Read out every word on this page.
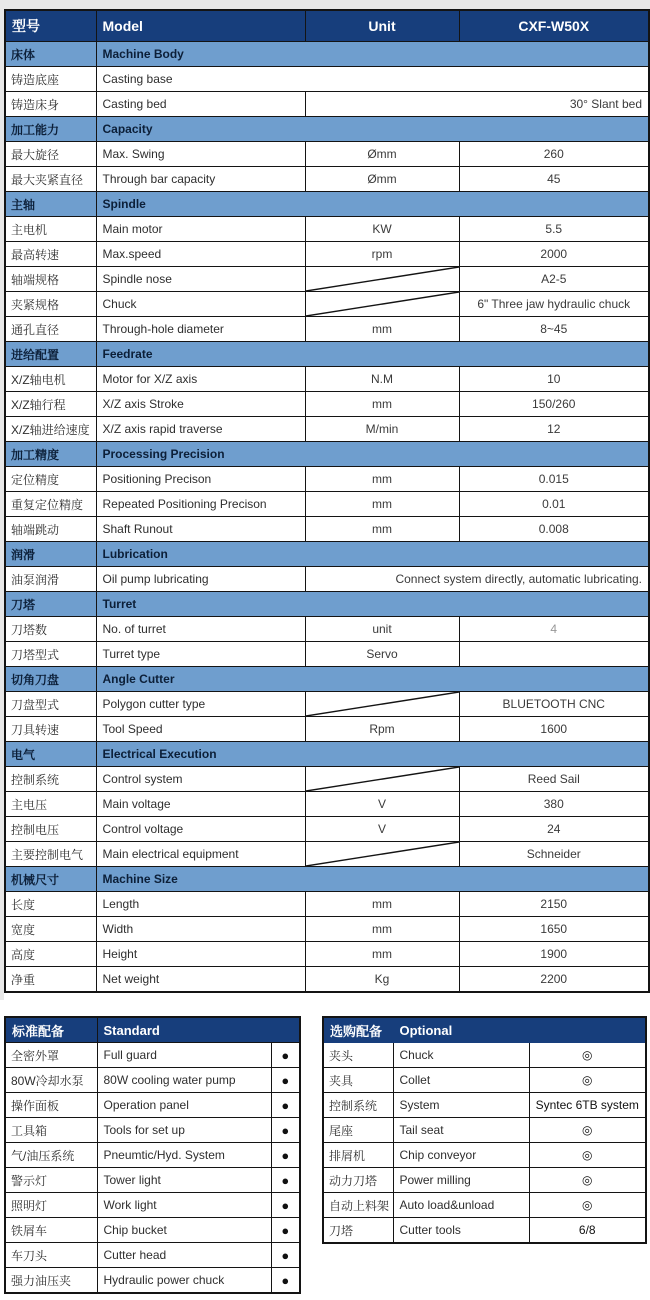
型号	Model	Unit	CXF-W50X
床体	Machine Body		
铸造底座	Casting base		
铸造床身	Casting bed	30° Slant bed	
加工能力	Capacity		
最大旋径	Max. Swing	Ømm	260
最大夹紧直径	Through bar capacity	Ømm	45
主轴	Spindle		
主电机	Main motor	KW	5.5
最高转速	Max.speed	rpm	2000
轴端规格	Spindle nose		A2-5
夹紧规格	Chuck		6" Three jaw hydraulic chuck
通孔直径	Through-hole diameter	mm	8~45
进给配置	Feedrate		
X/Z轴电机	Motor for X/Z axis	N.M	10
X/Z轴行程	X/Z axis Stroke	mm	150/260
X/Z轴进给速度	X/Z axis rapid traverse	M/min	12
加工精度	Processing Precision		
定位精度	Positioning Precison	mm	0.015
重复定位精度	Repeated Positioning Precison	mm	0.01
轴端跳动	Shaft Runout	mm	0.008
润滑	Lubrication		
油泵润滑	Oil pump lubricating	Connect system directly, automatic lubricating.	
刀塔	Turret		
刀塔数	No. of turret	unit	4
刀塔型式	Turret type	Servo	
切角刀盘	Angle Cutter		
刀盘型式	Polygon cutter type		BLUETOOTH CNC
刀具转速	Tool Speed	Rpm	1600
电气	Electrical Execution		
控制系统	Control system		Reed Sail
主电压	Main voltage	V	380
控制电压	Control voltage	V	24
主要控制电气	Main electrical equipment		Schneider
机械尺寸	Machine Size		
长度	Length	mm	2150
宽度	Width	mm	1650
高度	Height	mm	1900
净重	Net weight	Kg	2200
标准配备	Standard	
全密外罩	Full guard	●
80W冷却水泵	80W cooling water pump	●
操作面板	Operation panel	●
工具箱	Tools for set up	●
气/油压系统	Pneumtic/Hyd. System	●
警示灯	Tower light	●
照明灯	Work light	●
铁屑车	Chip bucket	●
车刀头	Cutter head	●
强力油压夹	Hydraulic power chuck	●
选购配备	Optional	
夹头	Chuck	◎
夹具	Collet	◎
控制系统	System	Syntec 6TB system
尾座	Tail seat	◎
排屑机	Chip conveyor	◎
动力刀塔	Power milling	◎
自动上料架	Auto load&unload	◎
刀塔	Cutter tools	6/8
